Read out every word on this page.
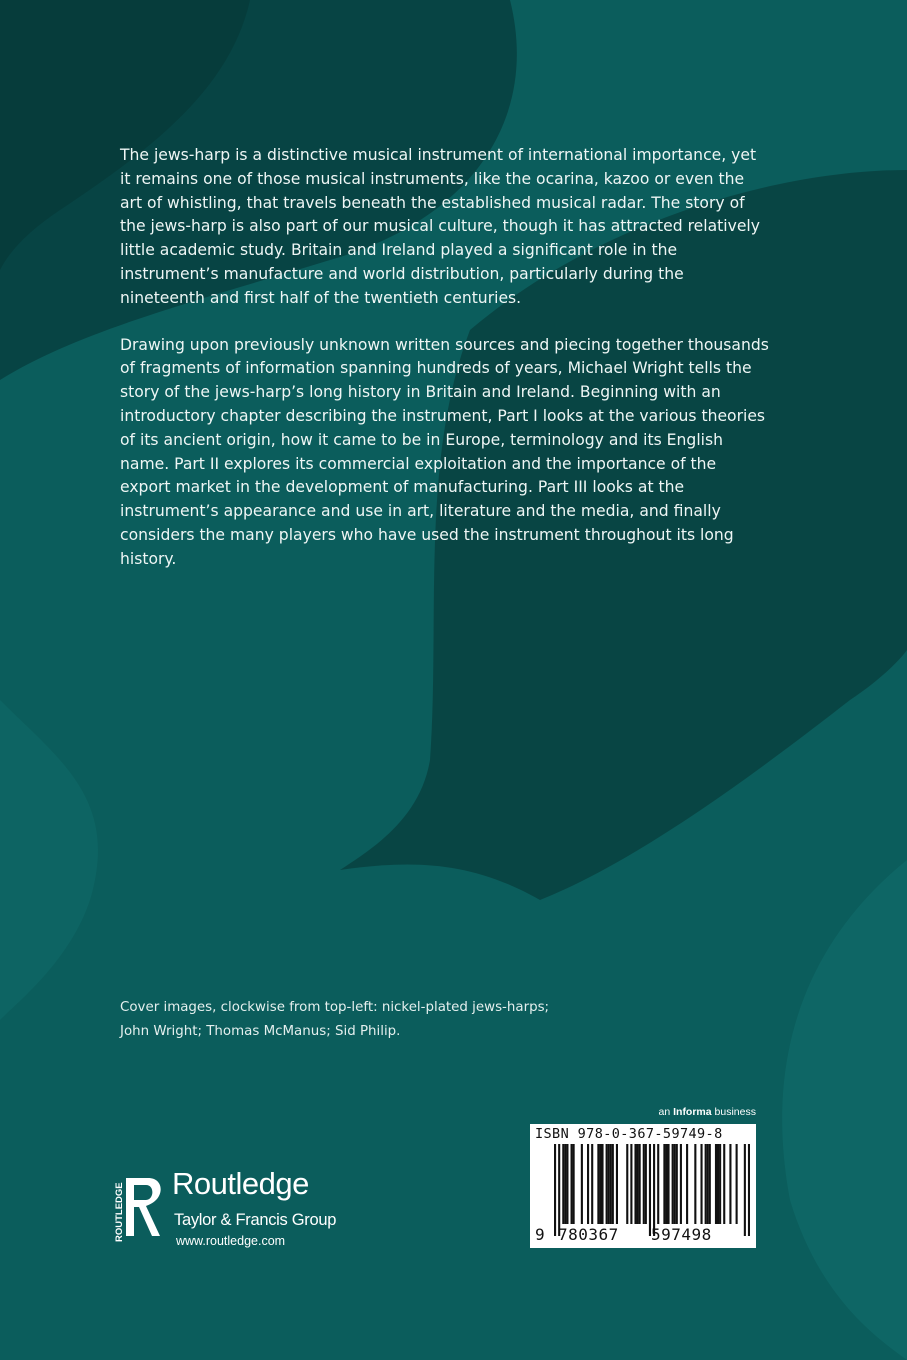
The jews-harp is a distinctive musical instrument of international importance, yet it remains one of those musical instruments, like the ocarina, kazoo or even the art of whistling, that travels beneath the established musical radar. The story of the jews-harp is also part of our musical culture, though it has attracted relatively little academic study. Britain and Ireland played a significant role in the instrument’s manufacture and world distribution, particularly during the nineteenth and first half of the twentieth centuries.

Drawing upon previously unknown written sources and piecing together thousands of fragments of information spanning hundreds of years, Michael Wright tells the story of the jews-harp’s long history in Britain and Ireland. Beginning with an introductory chapter describing the instrument, Part I looks at the various theories of its ancient origin, how it came to be in Europe, terminology and its English name. Part II explores its commercial exploitation and the importance of the export market in the development of manufacturing. Part III looks at the instrument’s appearance and use in art, literature and the media, and finally considers the many players who have used the instrument throughout its long history.

Cover images, clockwise from top-left: nickel-plated jews-harps;

John Wright; Thomas McManus; Sid Philip.

ROUTLEDGE Routledge
Taylor & Francis Group
www.routledge.com
an Informa business
ISBN 978-0-367-59749-8
9 780367 597498
